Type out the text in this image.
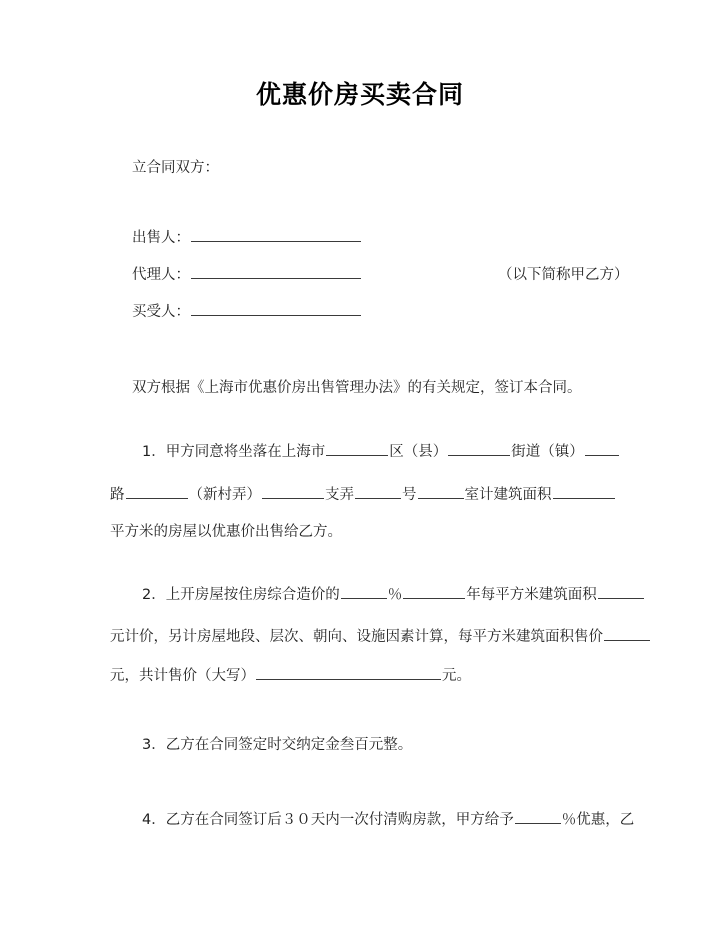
优惠价房买卖合同
立合同双方：
出售人：
代理人：	（以下简称甲乙方）
买受人：
双方根据《上海市优惠价房出售管理办法》的有关规定，签订本合同。
1．甲方同意将坐落在上海市	区（县）	街道（镇）
路	（新村弄）	支弄	号	室计建筑面积
平方米的房屋以优惠价出售给乙方。
2．上开房屋按住房综合造价的	％	年每平方米建筑面积
元计价，另计房屋地段、层次、朝向、设施因素计算，每平方米建筑面积售价
元，共计售价（大写）	元。
3．乙方在合同签定时交纳定金叁百元整。
4．乙方在合同签订后３０天内一次付清购房款，甲方给予	％优惠，乙
